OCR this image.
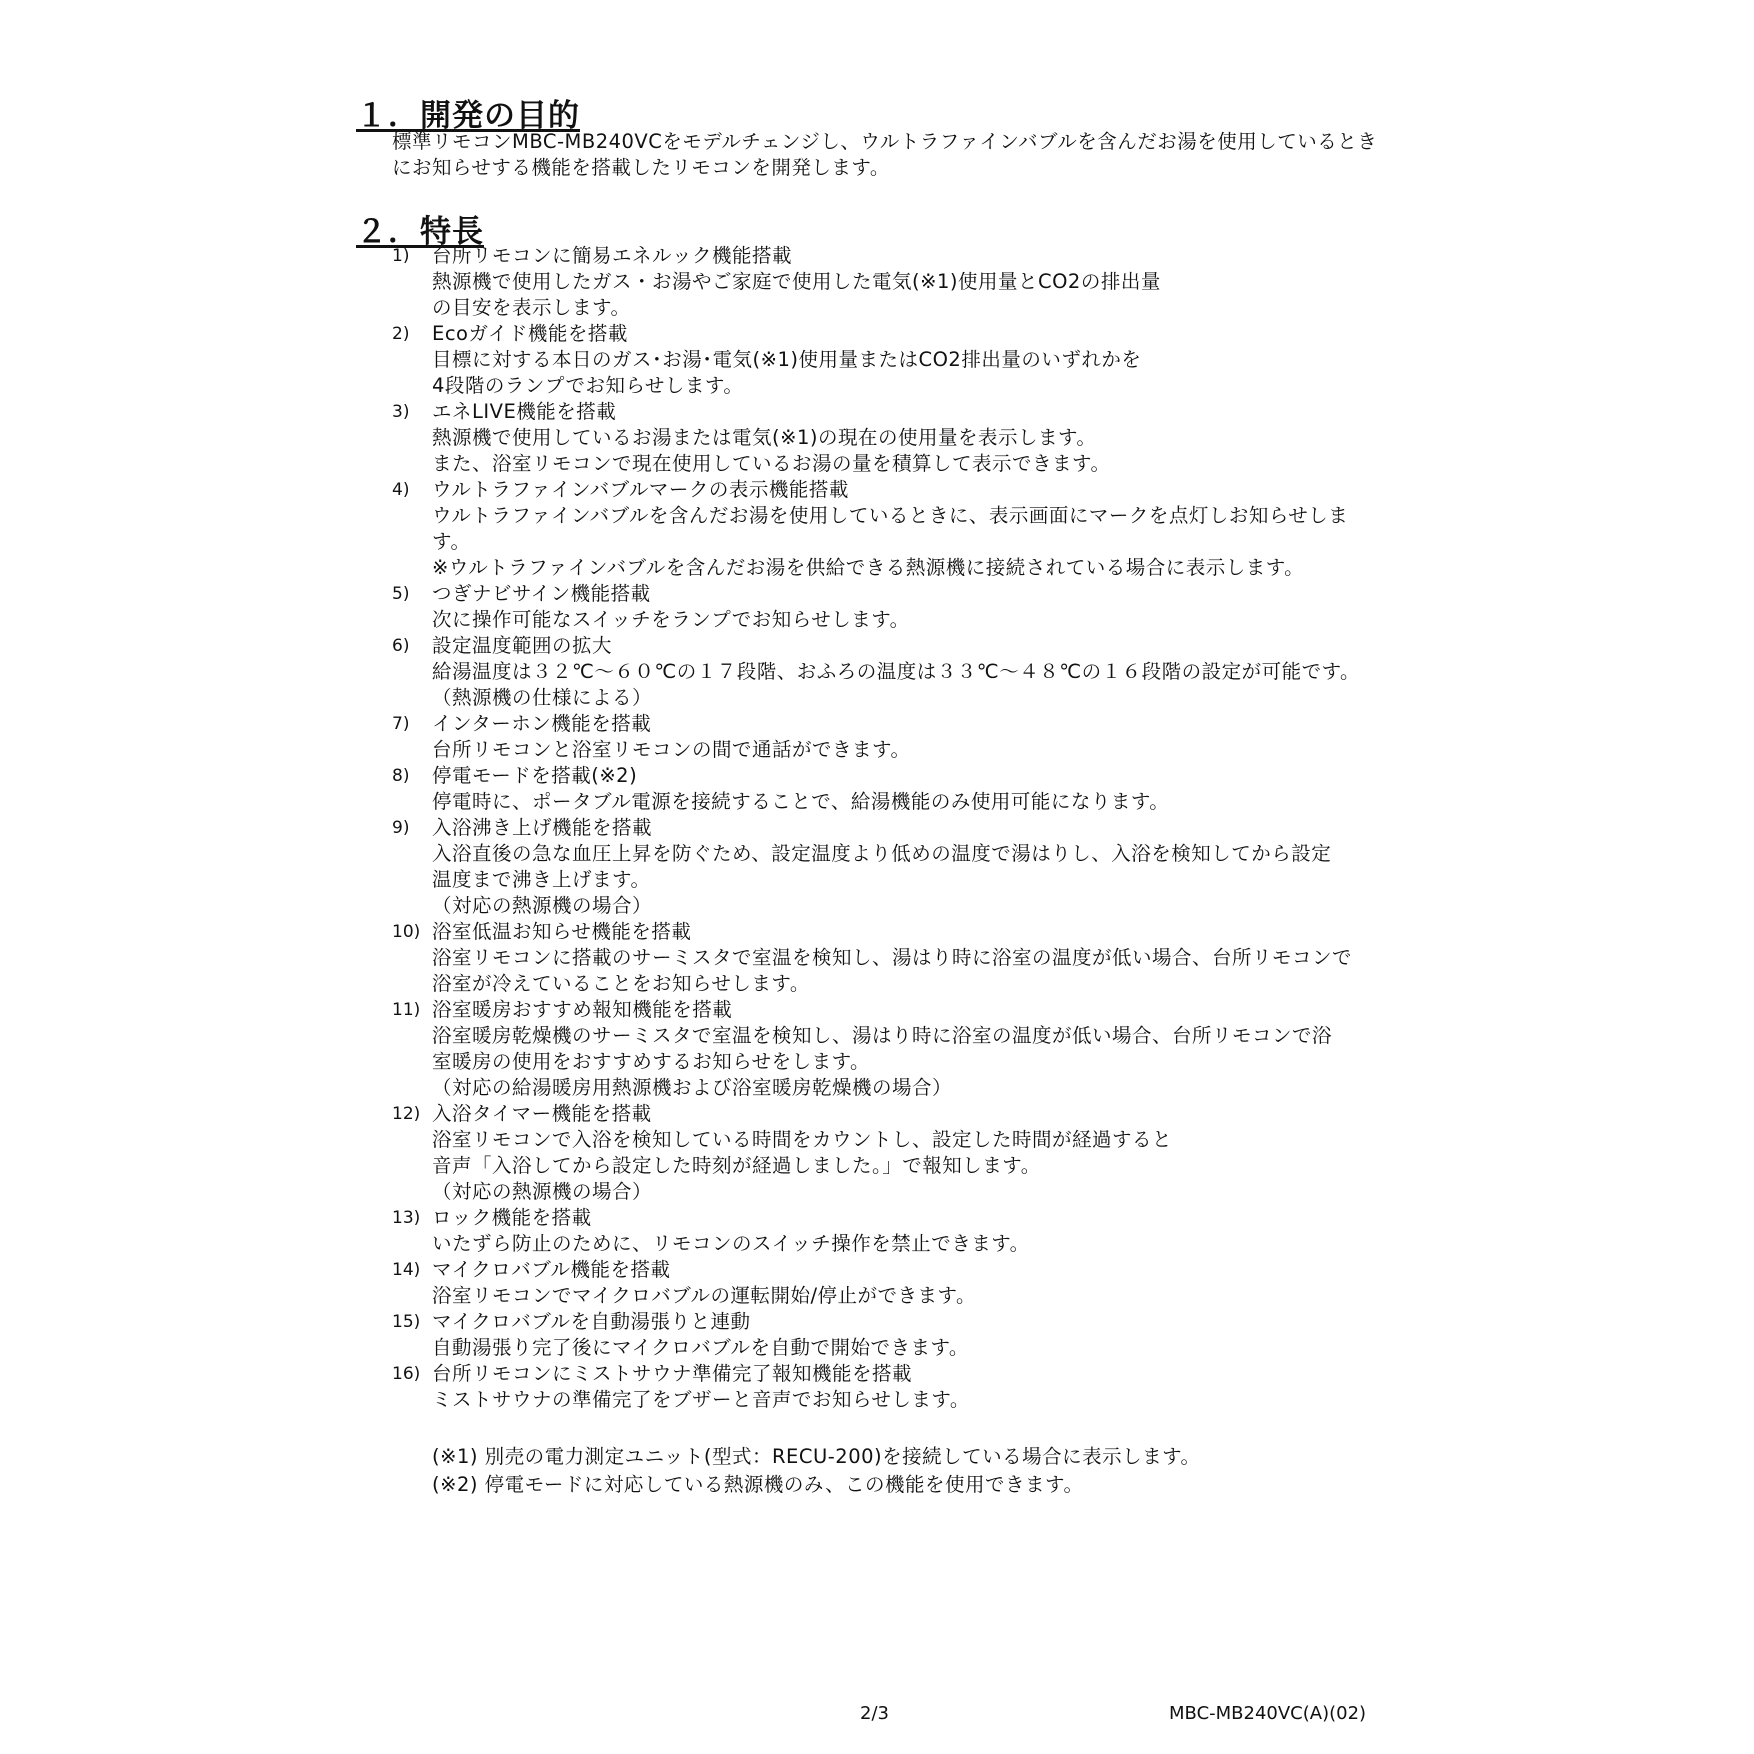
１．開発の目的

標準リモコンMBC-MB240VCをモデルチェンジし、ウルトラファインバブルを含んだお湯を使用しているとき

にお知らせする機能を搭載したリモコンを開発します。

２．特長
1)	台所リモコンに簡易エネルック機能搭載
熱源機で使用したガス・お湯やご家庭で使用した電気(※1)使用量とCO2の排出量
の目安を表示します。
2)	Ecoガイド機能を搭載
目標に対する本日のガス･お湯･電気(※1)使用量またはCO2排出量のいずれかを
4段階のランプでお知らせします。
3)	エネLIVE機能を搭載
熱源機で使用しているお湯または電気(※1)の現在の使用量を表示します。
また、浴室リモコンで現在使用しているお湯の量を積算して表示できます。
4)	ウルトラファインバブルマークの表示機能搭載
ウルトラファインバブルを含んだお湯を使用しているときに、表示画面にマークを点灯しお知らせしま
す。
※ウルトラファインバブルを含んだお湯を供給できる熱源機に接続されている場合に表示します。
5)	つぎナビサイン機能搭載
次に操作可能なスイッチをランプでお知らせします。
6)	設定温度範囲の拡大
給湯温度は３２℃～６０℃の１７段階、おふろの温度は３３℃～４８℃の１６段階の設定が可能です。
（熱源機の仕様による）
7)	インターホン機能を搭載
台所リモコンと浴室リモコンの間で通話ができます。
8)	停電モードを搭載(※2)
停電時に、ポータブル電源を接続することで、給湯機能のみ使用可能になります。
9)	入浴沸き上げ機能を搭載
入浴直後の急な血圧上昇を防ぐため、設定温度より低めの温度で湯はりし、入浴を検知してから設定
温度まで沸き上げます。
（対応の熱源機の場合）
10) 浴室低温お知らせ機能を搭載
浴室リモコンに搭載のサーミスタで室温を検知し、湯はり時に浴室の温度が低い場合、台所リモコンで
浴室が冷えていることをお知らせします。
11) 浴室暖房おすすめ報知機能を搭載
浴室暖房乾燥機のサーミスタで室温を検知し、湯はり時に浴室の温度が低い場合、台所リモコンで浴
室暖房の使用をおすすめするお知らせをします。
（対応の給湯暖房用熱源機および浴室暖房乾燥機の場合）
12) 入浴タイマー機能を搭載
浴室リモコンで入浴を検知している時間をカウントし、設定した時間が経過すると
音声「入浴してから設定した時刻が経過しました。」で報知します。
（対応の熱源機の場合）
13) ロック機能を搭載
いたずら防止のために、リモコンのスイッチ操作を禁止できます。
14) マイクロバブル機能を搭載
浴室リモコンでマイクロバブルの運転開始/停止ができます。
15) マイクロバブルを自動湯張りと連動
自動湯張り完了後にマイクロバブルを自動で開始できます。
16) 台所リモコンにミストサウナ準備完了報知機能を搭載
ミストサウナの準備完了をブザーと音声でお知らせします。
(※1) 別売の電力測定ユニット(型式：RECU-200)を接続している場合に表示します。
(※2) 停電モードに対応している熱源機のみ、この機能を使用できます。
2/3	MBC-MB240VC(A)(02)
